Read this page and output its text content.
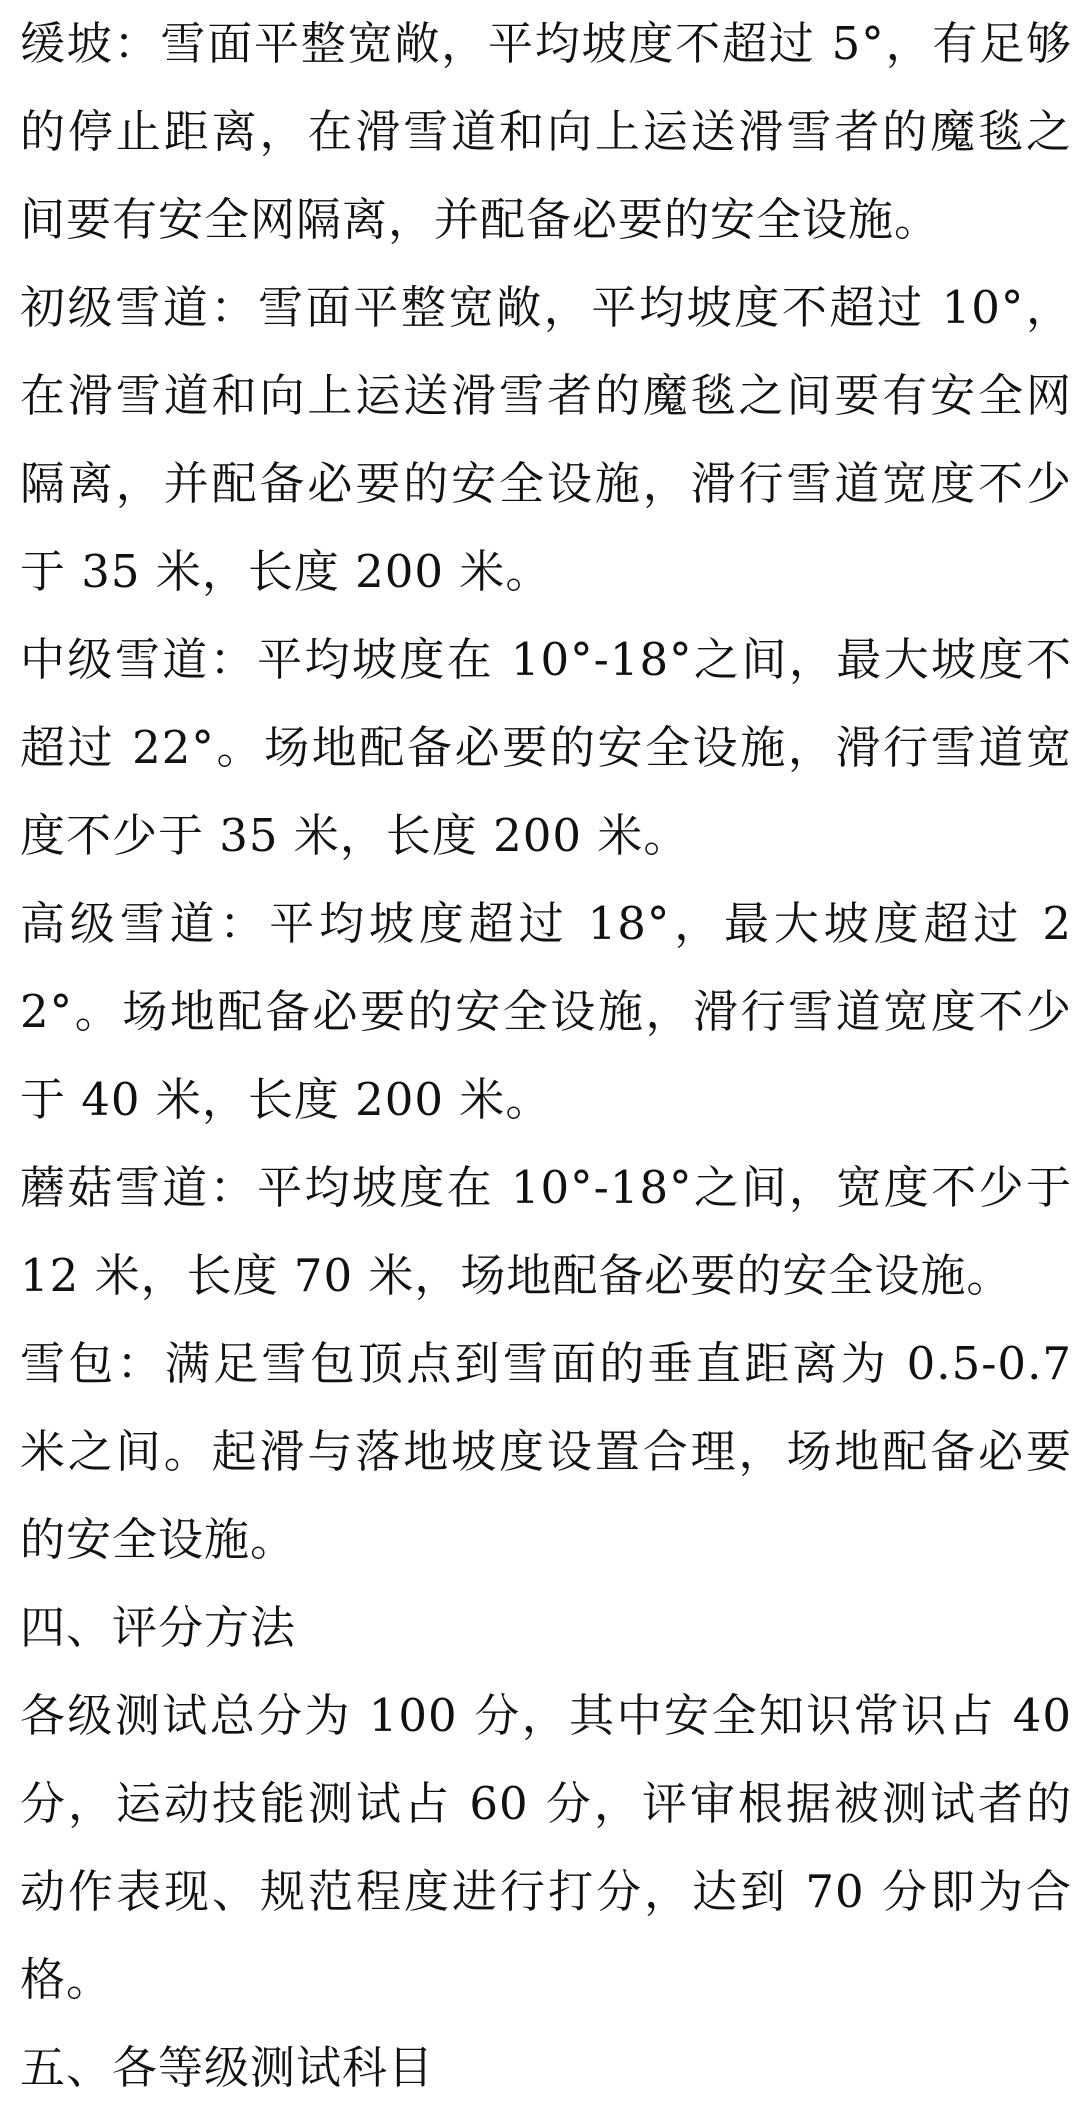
缓坡：雪面平整宽敞，平均坡度不超过 5°，有足够的停止距离，在滑雪道和向上运送滑雪者的魔毯之间要有安全网隔离，并配备必要的安全设施。

初级雪道：雪面平整宽敞，平均坡度不超过 10°，在滑雪道和向上运送滑雪者的魔毯之间要有安全网隔离，并配备必要的安全设施，滑行雪道宽度不少于 35 米，长度 200 米。

中级雪道：平均坡度在 10°-18°之间，最大坡度不超过 22°。场地配备必要的安全设施，滑行雪道宽度不少于 35 米，长度 200 米。

高级雪道：平均坡度超过 18°，最大坡度超过 22°。场地配备必要的安全设施，滑行雪道宽度不少于 40 米，长度 200 米。

蘑菇雪道：平均坡度在 10°-18°之间，宽度不少于 12 米，长度 70 米，场地配备必要的安全设施。

雪包：满足雪包顶点到雪面的垂直距离为 0.5-0.7 米之间。起滑与落地坡度设置合理，场地配备必要的安全设施。

四、评分方法

各级测试总分为 100 分，其中安全知识常识占 40 分，运动技能测试占 60 分，评审根据被测试者的动作表现、规范程度进行打分，达到 70 分即为合格。

五、各等级测试科目
